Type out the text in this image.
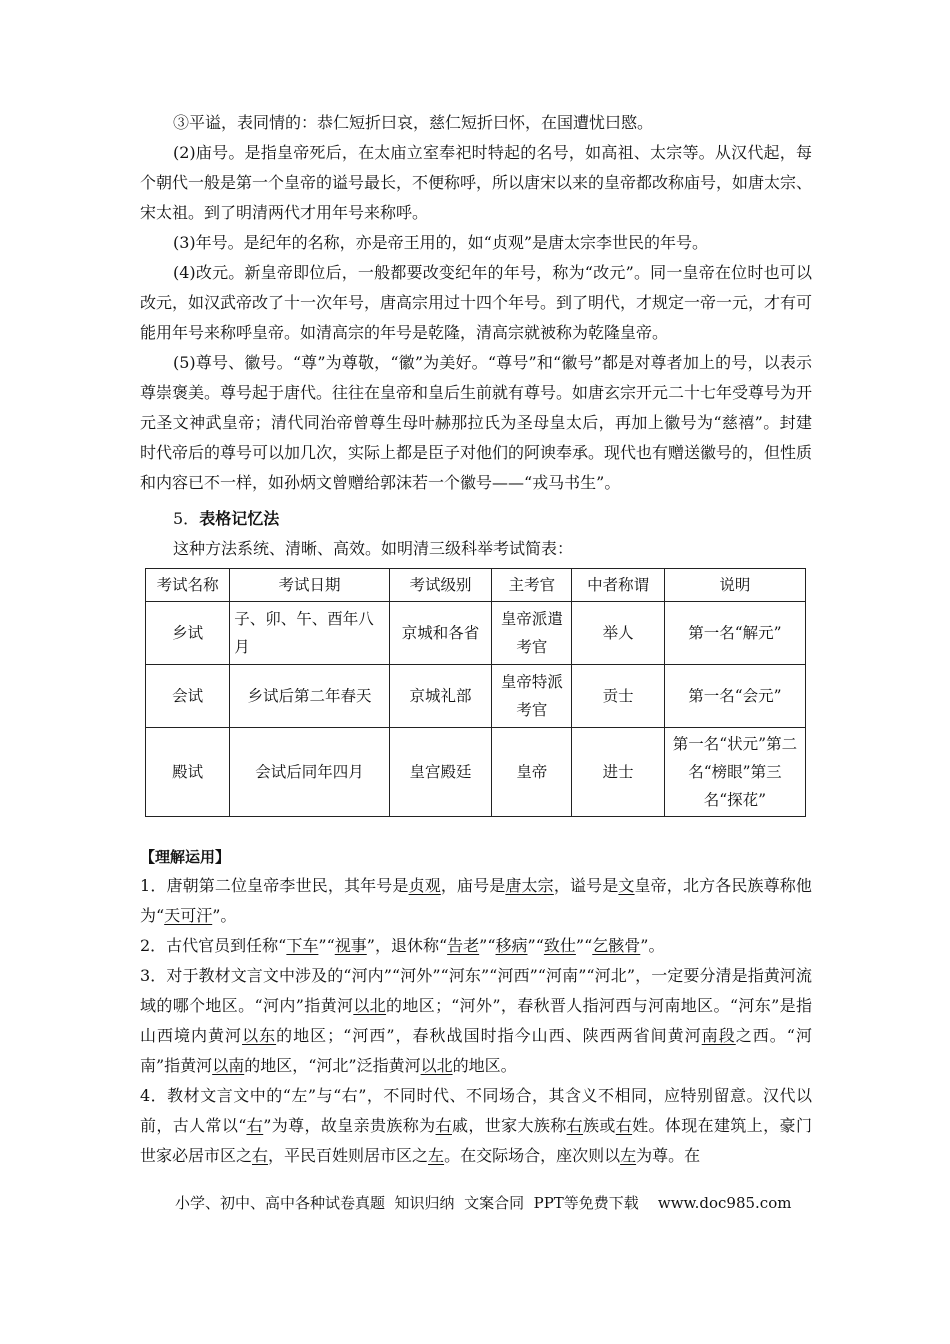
③平谥，表同情的：恭仁短折曰哀，慈仁短折曰怀，在国遭忧曰愍。

(2)庙号。是指皇帝死后，在太庙立室奉祀时特起的名号，如高祖、太宗等。从汉代起，每个朝代一般是第一个皇帝的谥号最长，不便称呼，所以唐宋以来的皇帝都改称庙号，如唐太宗、宋太祖。到了明清两代才用年号来称呼。

(3)年号。是纪年的名称，亦是帝王用的，如“贞观”是唐太宗李世民的年号。

(4)改元。新皇帝即位后，一般都要改变纪年的年号，称为“改元”。同一皇帝在位时也可以改元，如汉武帝改了十一次年号，唐高宗用过十四个年号。到了明代，才规定一帝一元，才有可能用年号来称呼皇帝。如清高宗的年号是乾隆，清高宗就被称为乾隆皇帝。

(5)尊号、徽号。“尊”为尊敬，“徽”为美好。“尊号”和“徽号”都是对尊者加上的号，以表示尊崇褒美。尊号起于唐代。往往在皇帝和皇后生前就有尊号。如唐玄宗开元二十七年受尊号为开元圣文神武皇帝；清代同治帝曾尊生母叶赫那拉氏为圣母皇太后，再加上徽号为“慈禧”。封建时代帝后的尊号可以加几次，实际上都是臣子对他们的阿谀奉承。现代也有赠送徽号的，但性质和内容已不一样，如孙炳文曾赠给郭沫若一个徽号——“戎马书生”。

5．表格记忆法

这种方法系统、清晰、高效。如明清三级科举考试简表：

考试名称	考试日期	考试级别	主考官	中者称谓	说明
乡试	子、卯、午、酉年八月	京城和各省	皇帝派遣考官	举人	第一名“解元”
会试	乡试后第二年春天	京城礼部	皇帝特派考官	贡士	第一名“会元”
殿试	会试后同年四月	皇宫殿廷	皇帝	进士	第一名“状元”第二名“榜眼”第三名“探花”

【理解运用】

1．唐朝第二位皇帝李世民，其年号是贞观，庙号是唐太宗，谥号是文皇帝，北方各民族尊称他为“天可汗”。

2．古代官员到任称“下车”“视事”，退休称“告老”“移病”“致仕”“乞骸骨”。

3．对于教材文言文中涉及的“河内”“河外”“河东”“河西”“河南”“河北”，一定要分清是指黄河流域的哪个地区。“河内”指黄河以北的地区；“河外”，春秋晋人指河西与河南地区。“河东”是指山西境内黄河以东的地区；“河西”，春秋战国时指今山西、陕西两省间黄河南段之西。“河南”指黄河以南的地区，“河北”泛指黄河以北的地区。

4．教材文言文中的“左”与“右”，不同时代、不同场合，其含义不相同，应特别留意。汉代以前，古人常以“右”为尊，故皇亲贵族称为右戚，世家大族称右族或右姓。体现在建筑上，豪门世家必居市区之右，平民百姓则居市区之左。在交际场合，座次则以左为尊。在

小学、初中、高中各种试卷真题  知识归纳  文案合同  PPT等免费下载    www.doc985.com
